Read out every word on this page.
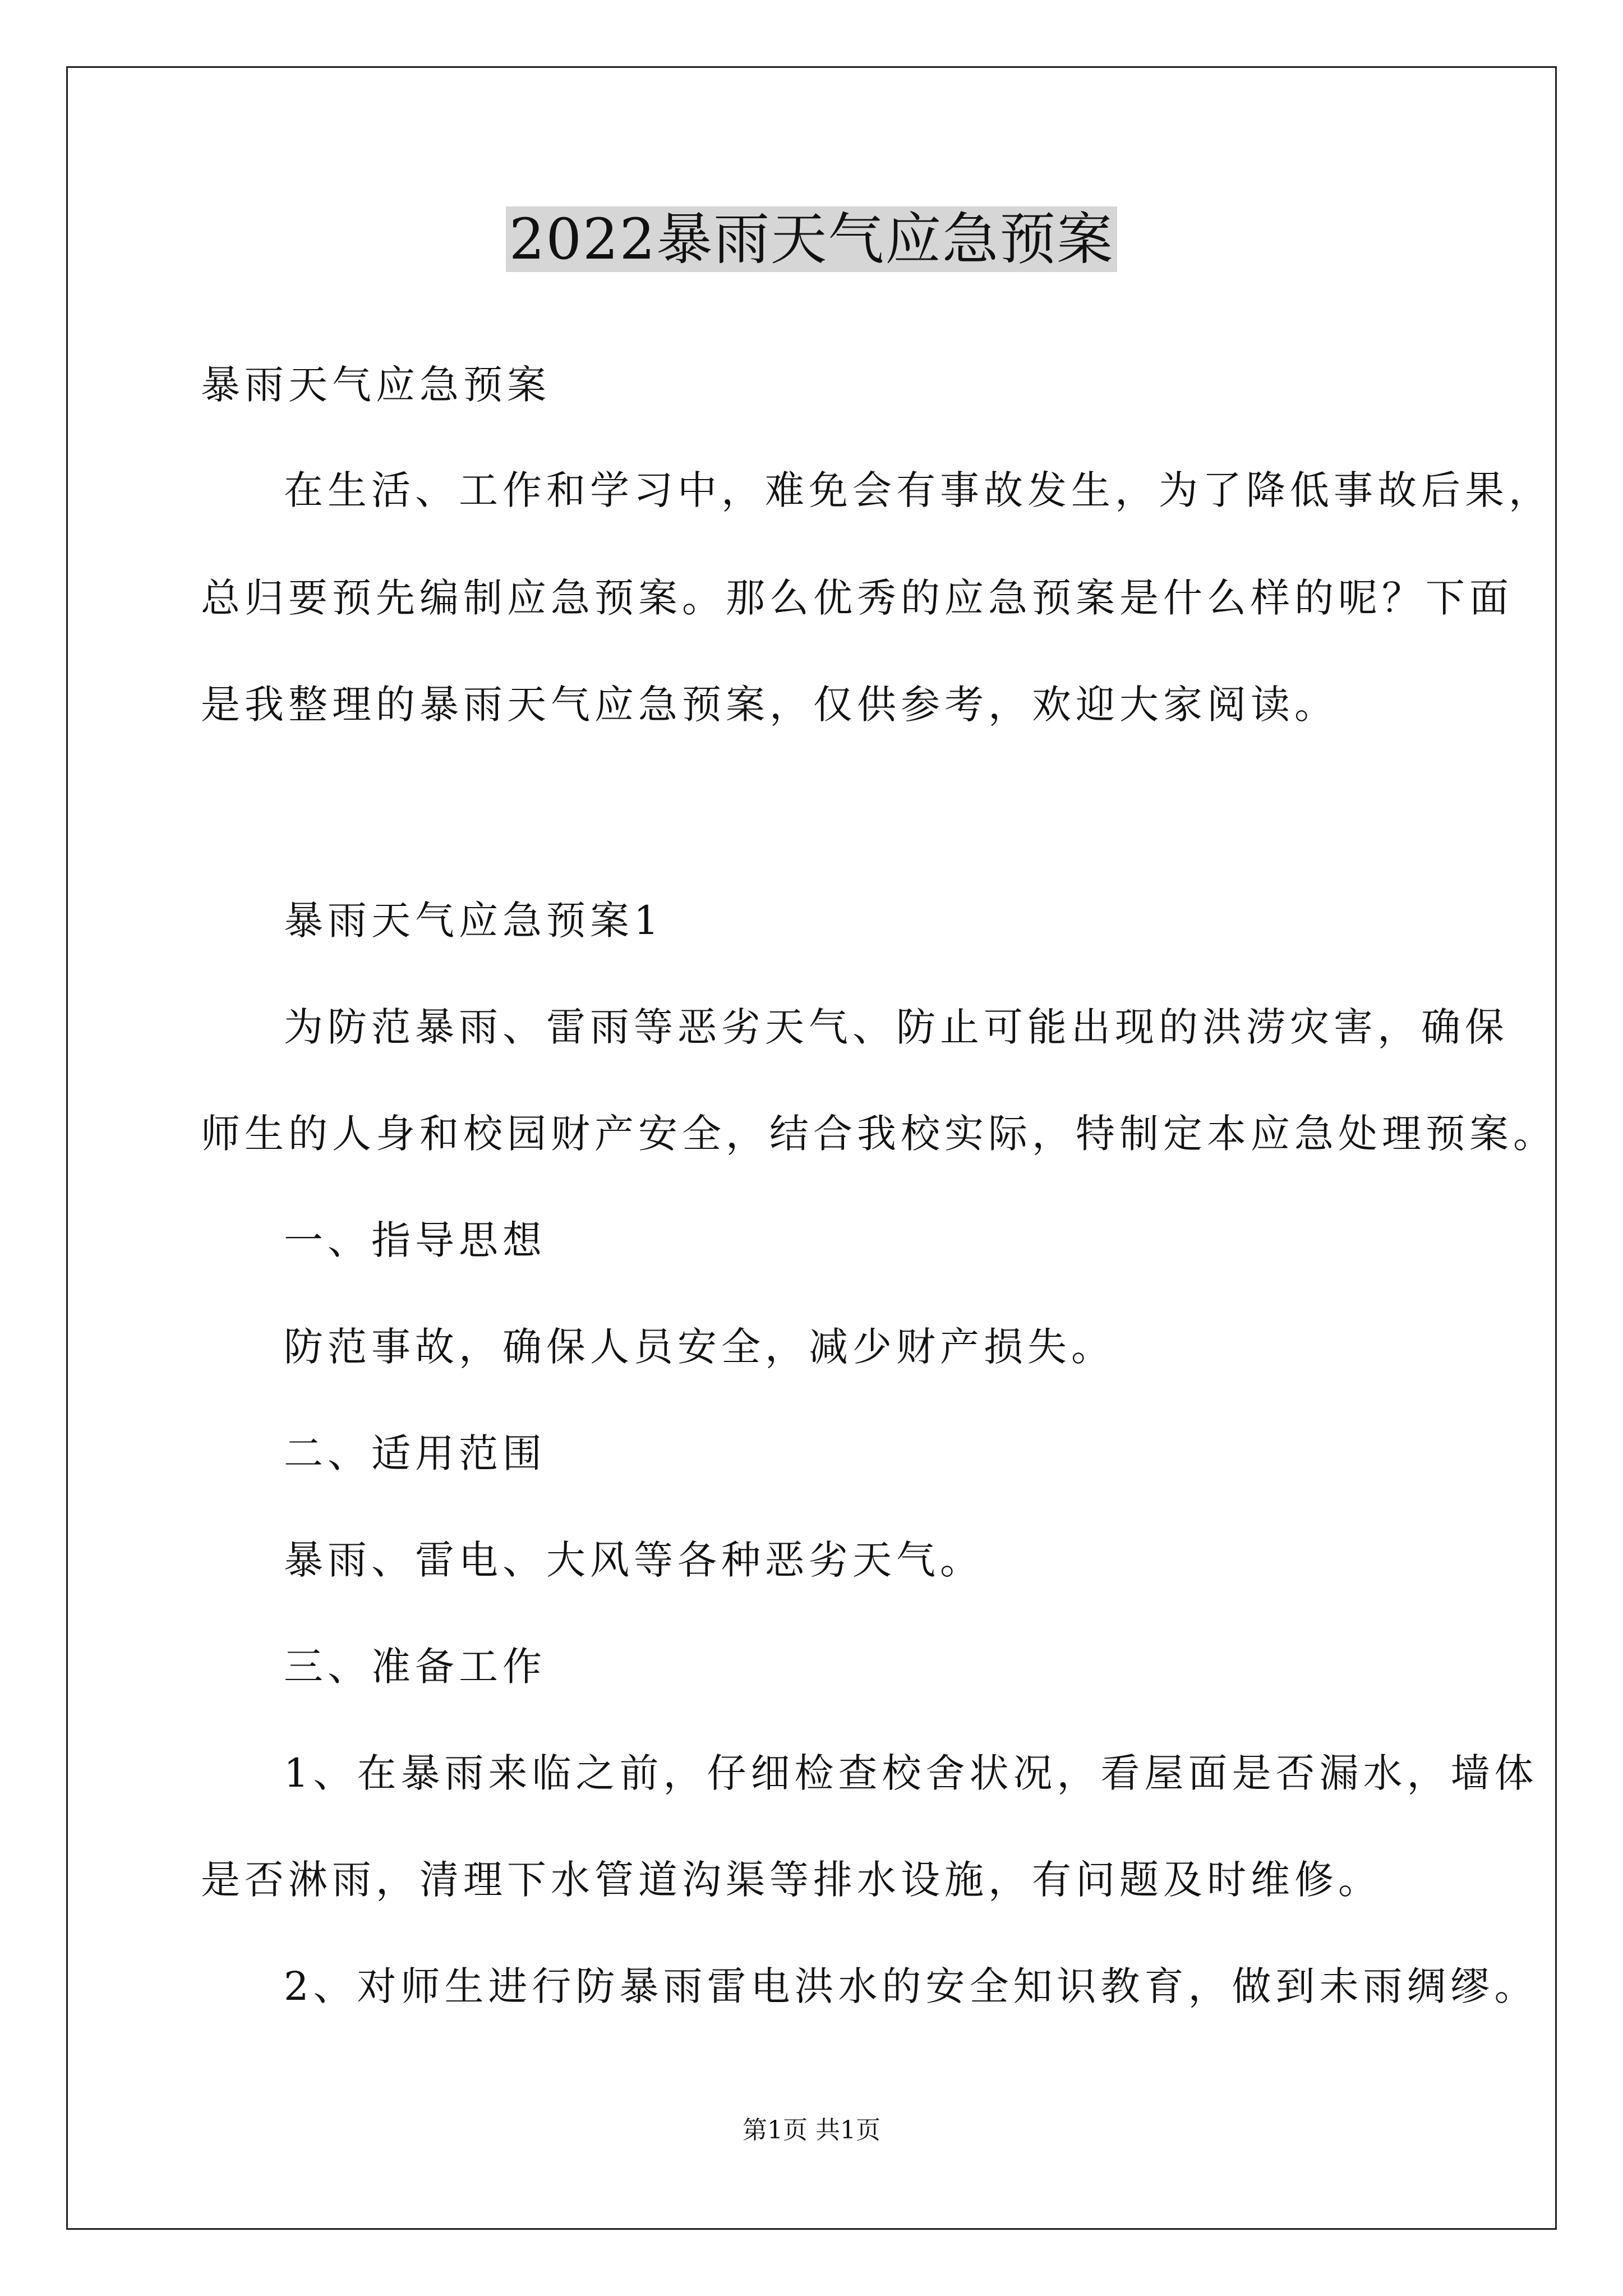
2022暴雨天气应急预案
暴雨天气应急预案
在生活、工作和学习中，难免会有事故发生，为了降低事故后果，
总归要预先编制应急预案。那么优秀的应急预案是什么样的呢？下面
是我整理的暴雨天气应急预案，仅供参考，欢迎大家阅读。
暴雨天气应急预案1
为防范暴雨、雷雨等恶劣天气、防止可能出现的洪涝灾害，确保
师生的人身和校园财产安全，结合我校实际，特制定本应急处理预案。
一、指导思想
防范事故，确保人员安全，减少财产损失。
二、适用范围
暴雨、雷电、大风等各种恶劣天气。
三、准备工作
1、在暴雨来临之前，仔细检查校舍状况，看屋面是否漏水，墙体
是否淋雨，清理下水管道沟渠等排水设施，有问题及时维修。
2、对师生进行防暴雨雷电洪水的安全知识教育，做到未雨绸缪。
第1页 共1页
